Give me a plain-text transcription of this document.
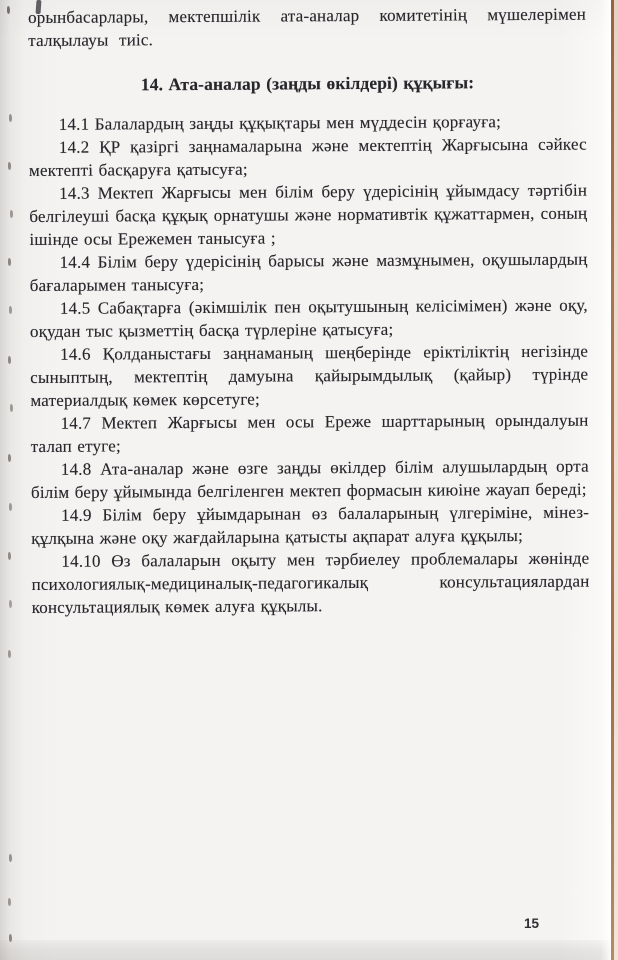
орынбасарлары, мектепшілік ата-аналар комитетінің мүшелерімен талқылауы тиіс.

14. Ата-аналар (заңды өкілдері) құқығы:

14.1 Балалардың заңды құқықтары мен мүддесін қорғауға;

14.2 ҚР қазіргі заңнамаларына және мектептің Жарғысына сәйкес мектепті басқаруға қатысуға;

14.3 Мектеп Жарғысы мен білім беру үдерісінің ұйымдасу тәртібін белгілеуші басқа құқық орнатушы және нормативтік құжаттармен, соның ішінде осы Ережемен танысуға ;

14.4 Білім беру үдерісінің барысы және мазмұнымен, оқушылардың бағаларымен танысуға;

14.5 Сабақтарға (әкімшілік пен оқытушының келісімімен) және оқу, оқудан тыс қызметтің басқа түрлеріне қатысуға;

14.6 Қолданыстағы заңнаманың шеңберінде еріктіліктің негізінде сыныптың, мектептің дамуына қайырымдылық (қайыр) түрінде материалдық көмек көрсетуге;

14.7 Мектеп Жарғысы мен осы Ереже шарттарының орындалуын талап етуге;

14.8 Ата-аналар және өзге заңды өкілдер білім алушылардың орта білім беру ұйымында белгіленген мектеп формасын киюіне жауап береді;

14.9 Білім беру ұйымдарынан өз балаларының үлгеріміне, мінез-құлқына және оқу жағдайларына қатысты ақпарат алуға құқылы;

14.10 Өз балаларын оқыту мен тәрбиелеу проблемалары жөнінде психологиялық-медициналық-педагогикалық консультациялардан консультациялық көмек алуға құқылы.

15
